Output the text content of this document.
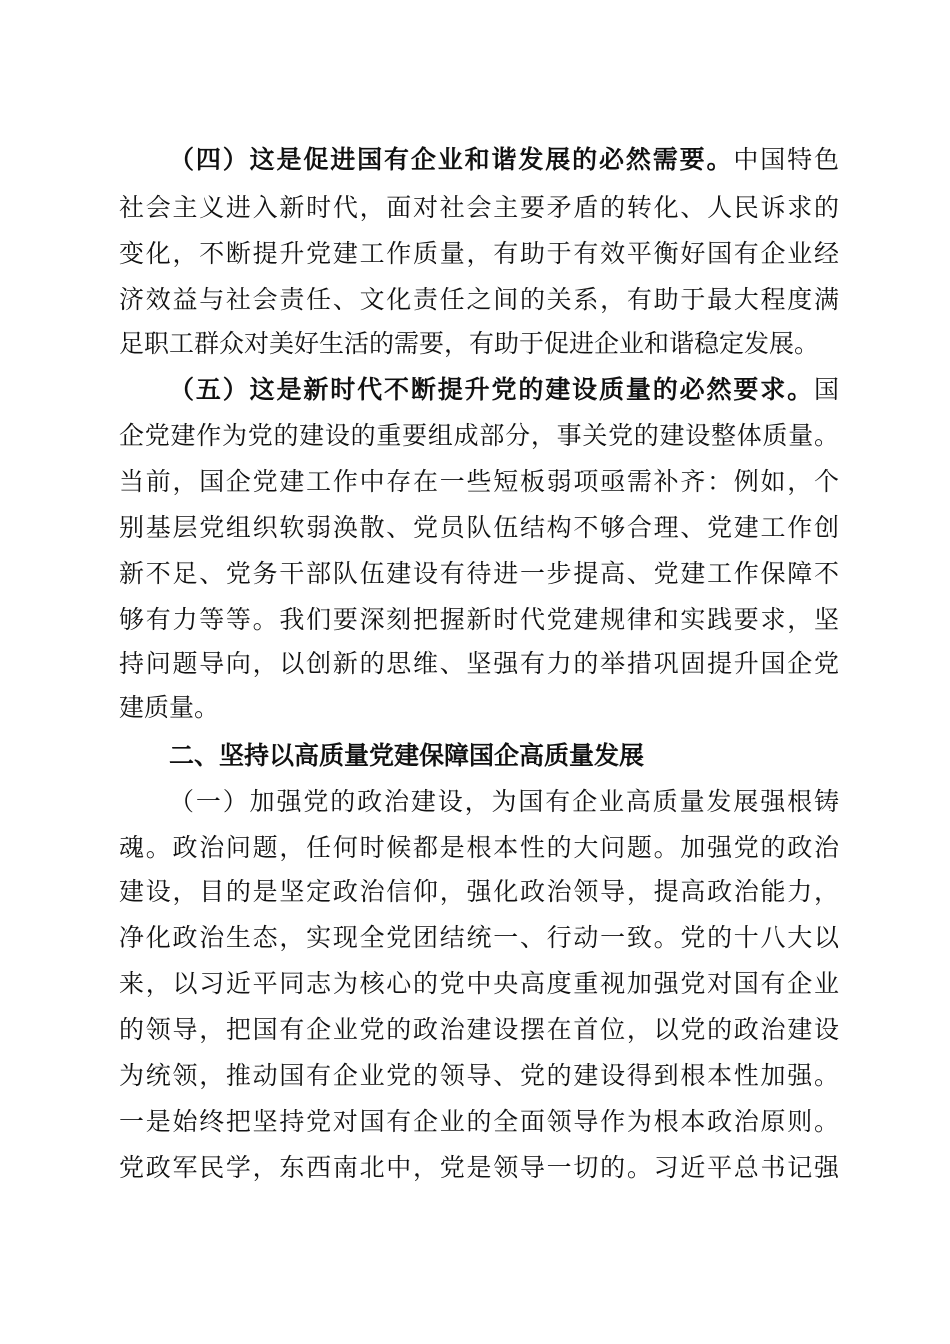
（四）这是促进国有企业和谐发展的必然需要。中国特色
社会主义进入新时代，面对社会主要矛盾的转化、人民诉求的
变化，不断提升党建工作质量，有助于有效平衡好国有企业经
济效益与社会责任、文化责任之间的关系，有助于最大程度满
足职工群众对美好生活的需要，有助于促进企业和谐稳定发展。
（五）这是新时代不断提升党的建设质量的必然要求。国
企党建作为党的建设的重要组成部分，事关党的建设整体质量。
当前，国企党建工作中存在一些短板弱项亟需补齐：例如，个
别基层党组织软弱涣散、党员队伍结构不够合理、党建工作创
新不足、党务干部队伍建设有待进一步提高、党建工作保障不
够有力等等。我们要深刻把握新时代党建规律和实践要求，坚
持问题导向，以创新的思维、坚强有力的举措巩固提升国企党
建质量。
二、坚持以高质量党建保障国企高质量发展
（一）加强党的政治建设，为国有企业高质量发展强根铸
魂。政治问题，任何时候都是根本性的大问题。加强党的政治
建设，目的是坚定政治信仰，强化政治领导，提高政治能力，
净化政治生态，实现全党团结统一、行动一致。党的十八大以
来，以习近平同志为核心的党中央高度重视加强党对国有企业
的领导，把国有企业党的政治建设摆在首位，以党的政治建设
为统领，推动国有企业党的领导、党的建设得到根本性加强。
一是始终把坚持党对国有企业的全面领导作为根本政治原则。
党政军民学，东西南北中，党是领导一切的。习近平总书记强
